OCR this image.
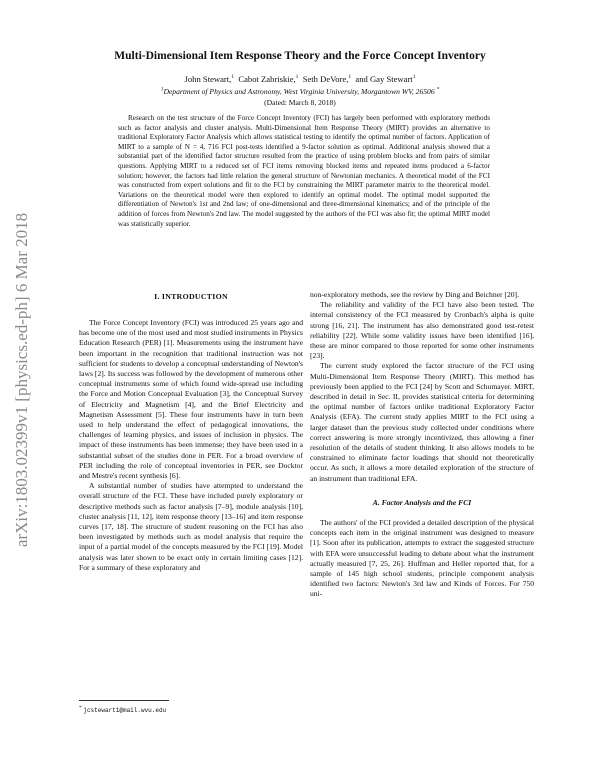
arXiv:1803.02399v1 [physics.ed-ph] 6 Mar 2018
Multi-Dimensional Item Response Theory and the Force Concept Inventory
John Stewart,$^1$ Cabot Zabriskie,$^1$ Seth DeVore,$^1$ and Gay Stewart$^1$
$^1$Department of Physics and Astronomy, West Virginia University, Morgantown WV, 26506 *
(Dated: March 8, 2018)

Research on the test structure of the Force Concept Inventory (FCI) has largely been performed with exploratory methods such as factor analysis and cluster analysis. Multi-Dimensional Item Response Theory (MIRT) provides an alternative to traditional Exploratory Factor Analysis which allows statistical testing to identify the optimal number of factors. Application of MIRT to a sample of N = 4, 716 FCI post-tests identified a 9-factor solution as optimal. Additional analysis showed that a substantial part of the identified factor structure resulted from the practice of using problem blocks and from pairs of similar questions. Applying MIRT to a reduced set of FCI items removing blocked items and repeated items produced a 6-factor solution; however, the factors had little relation the general structure of Newtonian mechanics. A theoretical model of the FCI was constructed from expert solutions and fit to the FCI by constraining the MIRT parameter matrix to the theoretical model. Variations on the theoretical model were then explored to identify an optimal model. The optimal model supported the differentiation of Newton's 1st and 2nd law; of one-dimensional and three-dimensional kinematics; and of the principle of the addition of forces from Newton's 2nd law. The model suggested by the authors of the FCI was also fit; the optimal MIRT model was statistically superior.

I. INTRODUCTION

The Force Concept Inventory (FCI) was introduced 25 years ago and has become one of the most used and most studied instruments in Physics Education Research (PER) [1]. Measurements using the instrument have been important in the recognition that traditional instruction was not sufficient for students to develop a conceptual understanding of Newton's laws [2]. Its success was followed by the development of numerous other conceptual instruments some of which found wide-spread use including the Force and Motion Conceptual Evaluation [3], the Conceptual Survey of Electricity and Magnetism [4], and the Brief Electricity and Magnetism Assessment [5]. These four instruments have in turn been used to help understand the effect of pedagogical innovations, the challenges of learning physics, and issues of inclusion in physics. The impact of these instruments has been immense; they have been used in a substantial subset of the studies done in PER. For a broad overview of PER including the role of conceptual inventories in PER, see Docktor and Mestre's recent synthesis [6].

A substantial number of studies have attempted to understand the overall structure of the FCI. These have included purely exploratory or descriptive methods such as factor analysis [7–9], module analysis [10], cluster analysis [11, 12], item response theory [13–16] and item response curves [17, 18]. The structure of student reasoning on the FCI has also been investigated by methods such as model analysis that require the input of a partial model of the concepts measured by the FCI [19]. Model analysis was later shown to be exact only in certain limiting cases [12]. For a summary of these exploratory and

non-exploratory methods, see the review by Ding and Beichner [20].

The reliability and validity of the FCI have also been tested. The internal consistency of the FCI measured by Cronbach's alpha is quite strong [16, 21]. The instrument has also demonstrated good test-retest reliability [22]. While some validity issues have been identified [16], these are minor compared to those reported for some other instruments [23].

The current study explored the factor structure of the FCI using Multi-Dimensional Item Response Theory (MIRT). This method has previously been applied to the FCI [24] by Scott and Schumayer. MIRT, described in detail in Sec. II, provides statistical criteria for determining the optimal number of factors unlike traditional Exploratory Factor Analysis (EFA). The current study applies MIRT to the FCI using a larger dataset than the previous study collected under conditions where correct answering is more strongly incentivized, thus allowing a finer resolution of the details of student thinking. It also allows models to be constrained to eliminate factor loadings that should not theoretically occur. As such, it allows a more detailed exploration of the structure of an instrument than traditional EFA.

A. Factor Analysis and the FCI

The authors' of the FCI provided a detailed description of the physical concepts each item in the original instrument was designed to measure [1]. Soon after its publication, attempts to extract the suggested structure with EFA were unsuccessful leading to debate about what the instrument actually measured [7, 25, 26]. Huffman and Heller reported that, for a sample of 145 high school students, principle component analysis identified two factors: Newton's 3rd law and Kinds of Forces. For 750 uni-

* jcstewart1@mail.wvu.edu
